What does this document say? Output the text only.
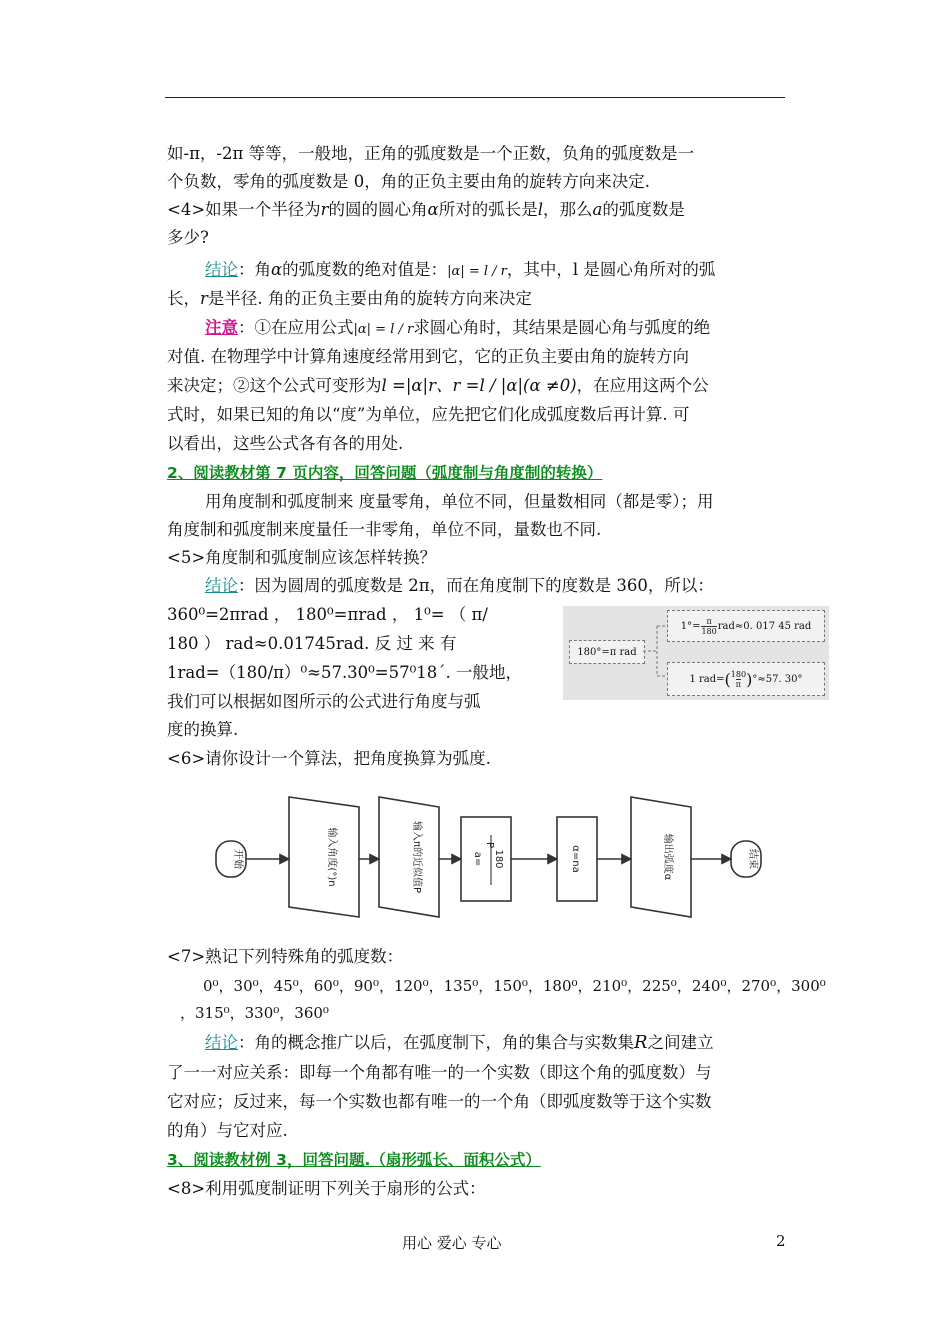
如-π，-2π 等等，一般地，正角的弧度数是一个正数，负角的弧度数是一
个负数，零角的弧度数是 0，角的正负主要由角的旋转方向来决定.
<4>如果一个半径为r的圆的圆心角α所对的弧长是l，那么a的弧度数是
多少?
结论：角α的弧度数的绝对值是：|α| = l / r，其中，l 是圆心角所对的弧
长，r是半径. 角的正负主要由角的旋转方向来决定
注意：①在应用公式|α| = l / r求圆心角时，其结果是圆心角与弧度的绝
对值. 在物理学中计算角速度经常用到它，它的正负主要由角的旋转方向
来决定；②这个公式可变形为l =|α|r、r =l / |α|(α ≠0)，在应用这两个公
式时，如果已知的角以“度”为单位，应先把它们化成弧度数后再计算. 可
以看出，这些公式各有各的用处.
2、阅读教材第 7 页内容，回答问题（弧度制与角度制的转换）
用角度制和弧度制来 度量零角，单位不同，但量数相同（都是零）；用
角度制和弧度制来度量任一非零角，单位不同，量数也不同.
<5>角度制和弧度制应该怎样转换？
结论：因为圆周的弧度数是 2π，而在角度制下的度数是 360，所以：
360⁰=2πrad ， 180⁰=πrad ， 1⁰= （ π/
180 ） rad≈0.01745rad. 反 过 来 有
1rad=（180/π）⁰≈57.30⁰=57⁰18ˊ. 一般地，
我们可以根据如图所示的公式进行角度与弧
度的换算.
<6>请你设计一个算法，把角度换算为弧度.
180°=π rad
$1^\circ= \frac{\pi}{180} rad\approx 0$. 017 45 rad
1 rad= ( $\frac{180}{\pi}$ ) °≈57. 30°
开始	输入角度(°)n	输入π的近似值P	a=
P
180	α=na	输出弧度α	结束
<7>熟记下列特殊角的弧度数：
0⁰，30⁰，45⁰，60⁰，90⁰，120⁰，135⁰，150⁰，180⁰，210⁰，225⁰，240⁰，270⁰，300⁰
，315⁰，330⁰，360⁰
结论：角的概念推广以后，在弧度制下，角的集合与实数集R之间建立
了一一对应关系：即每一个角都有唯一的一个实数（即这个角的弧度数）与
它对应；反过来，每一个实数也都有唯一的一个角（即弧度数等于这个实数
的角）与它对应.
3、阅读教材例 3，回答问题.（扇形弧长、面积公式）
<8>利用弧度制证明下列关于扇形的公式：
用心 爱心 专心	2
